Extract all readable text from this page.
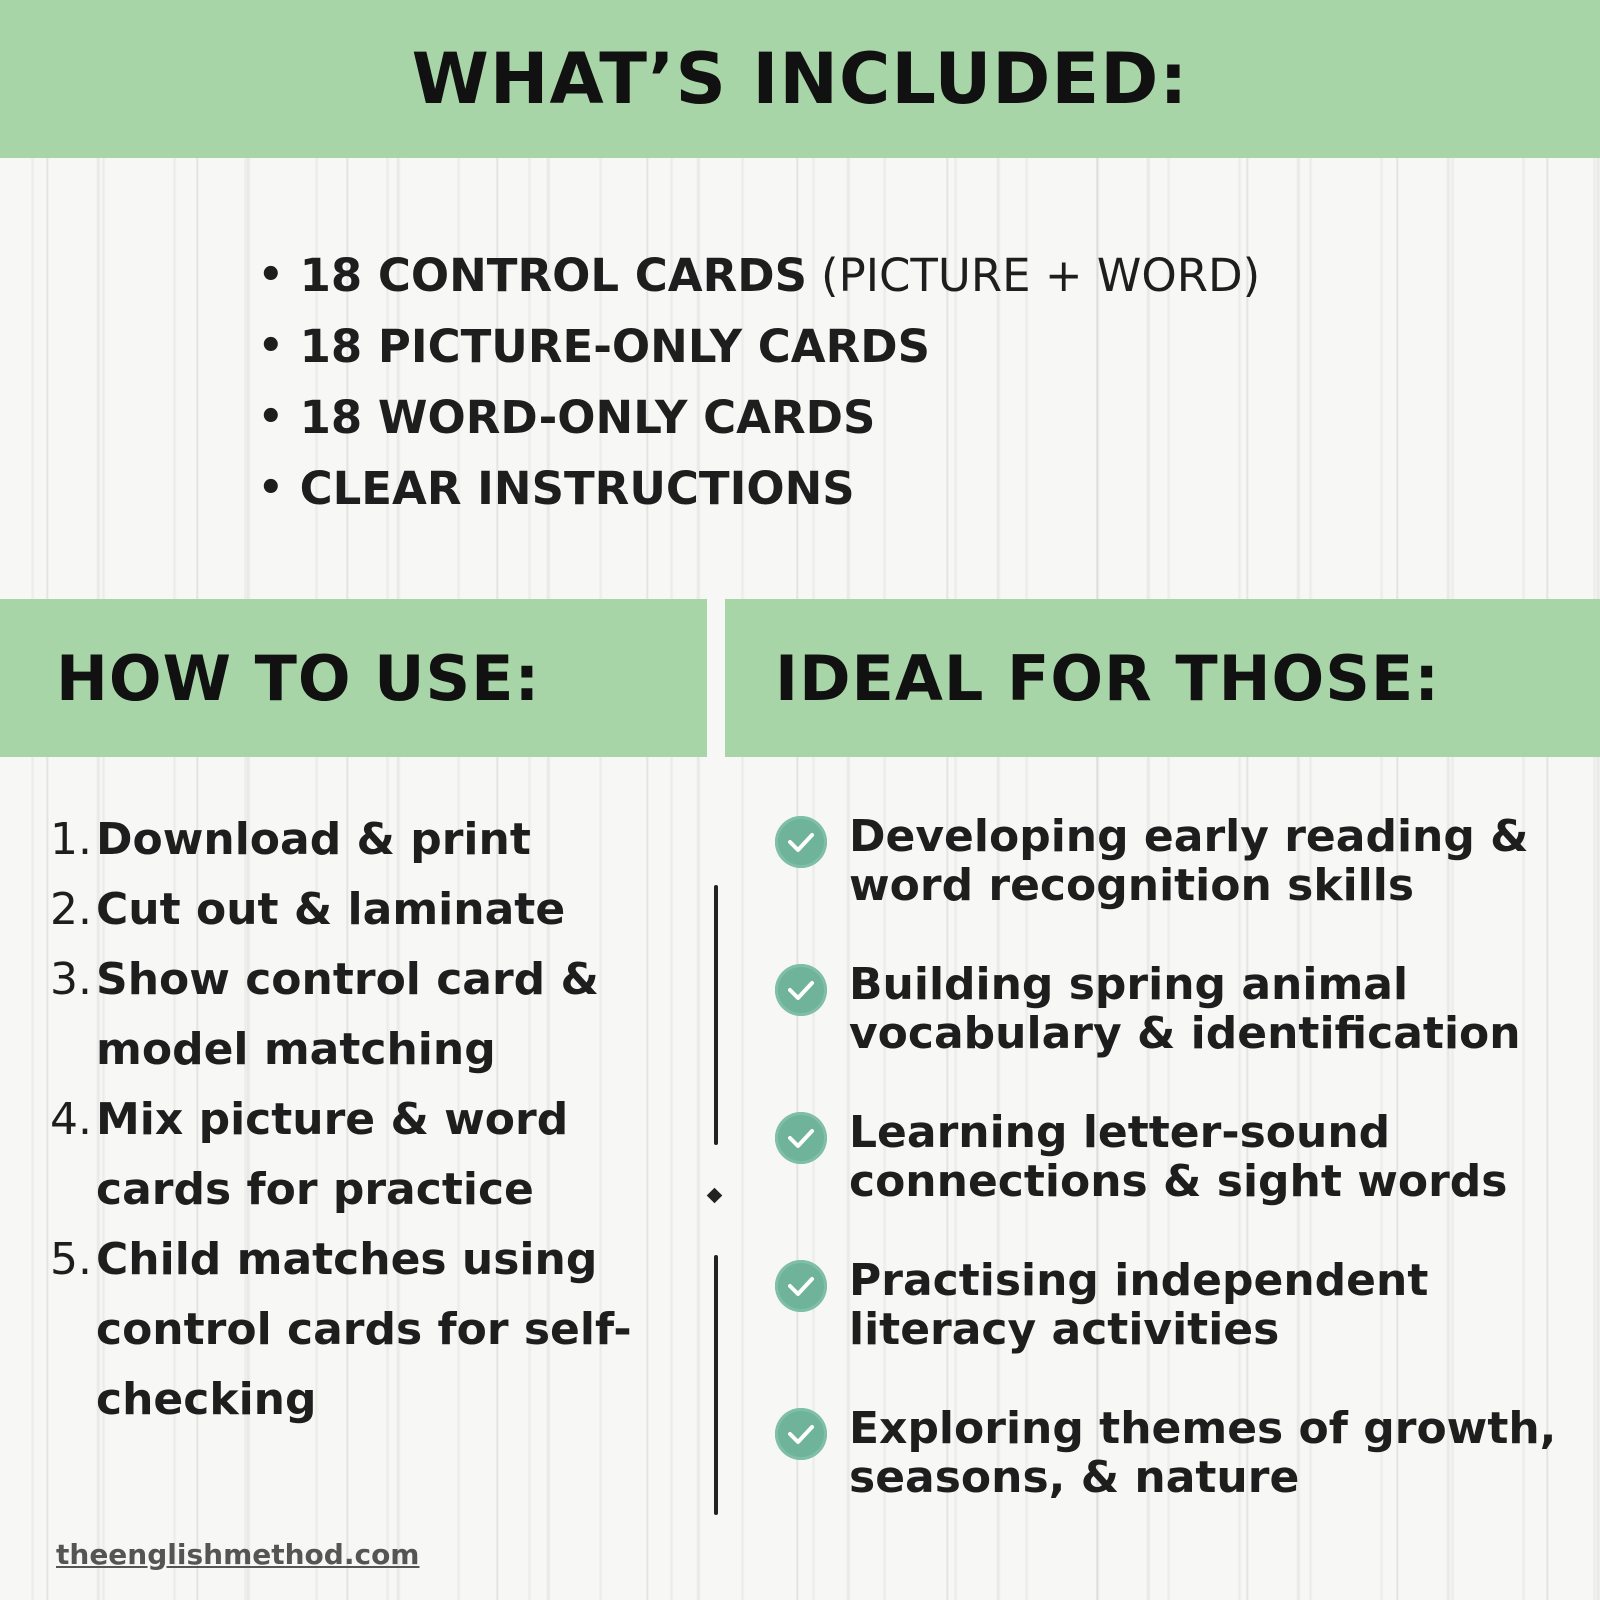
WHAT’S INCLUDED:
• 18 CONTROL CARDS (PICTURE + WORD)
• 18 PICTURE-ONLY CARDS
• 18 WORD-ONLY CARDS
• CLEAR INSTRUCTIONS
HOW TO USE:	IDEAL FOR THOSE:
1. Download & print
2. Cut out & laminate
3. Show control card & model matching
4. Mix picture & word cards for practice
5. Child matches using control cards for self-checking
Developing early reading & word recognition skills
Building spring animal vocabulary & identification
Learning letter-sound connections & sight words
Practising independent literacy activities
Exploring themes of growth, seasons, & nature
theenglishmethod.com
